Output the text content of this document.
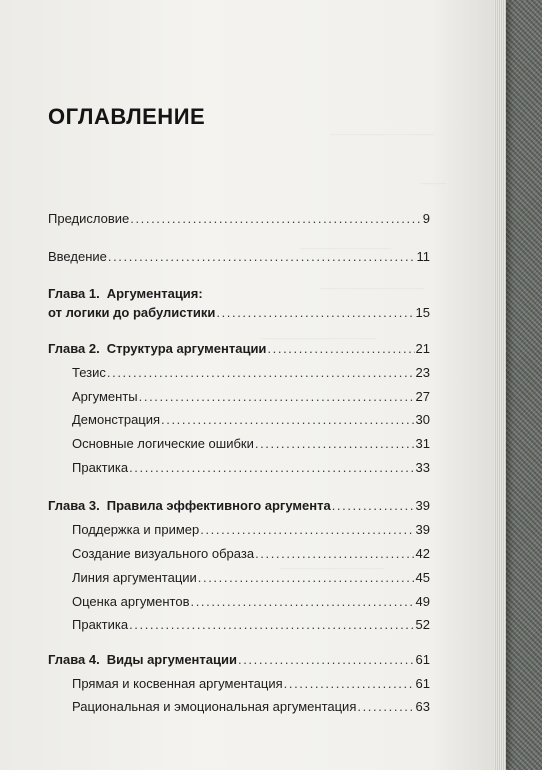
————————
——
———————
————————
—————————
————————
ОГЛАВЛЕНИЕ
Предисловие .....	9
Введение .....	11
Глава 1. Аргументация:
от логики до рабулистики .....	15
Глава 2. Структура аргументации .....	21
Тезис .....	23
Аргументы .....	27
Демонстрация .....	30
Основные логические ошибки .....	31
Практика .....	33
Глава 3. Правила эффективного аргумента .....	39
Поддержка и пример .....	39
Создание визуального образа .....	42
Линия аргументации .....	45
Оценка аргументов .....	49
Практика .....	52
Глава 4. Виды аргументации .....	61
Прямая и косвенная аргументация .....	61
Рациональная и эмоциональная аргументация .....	63
